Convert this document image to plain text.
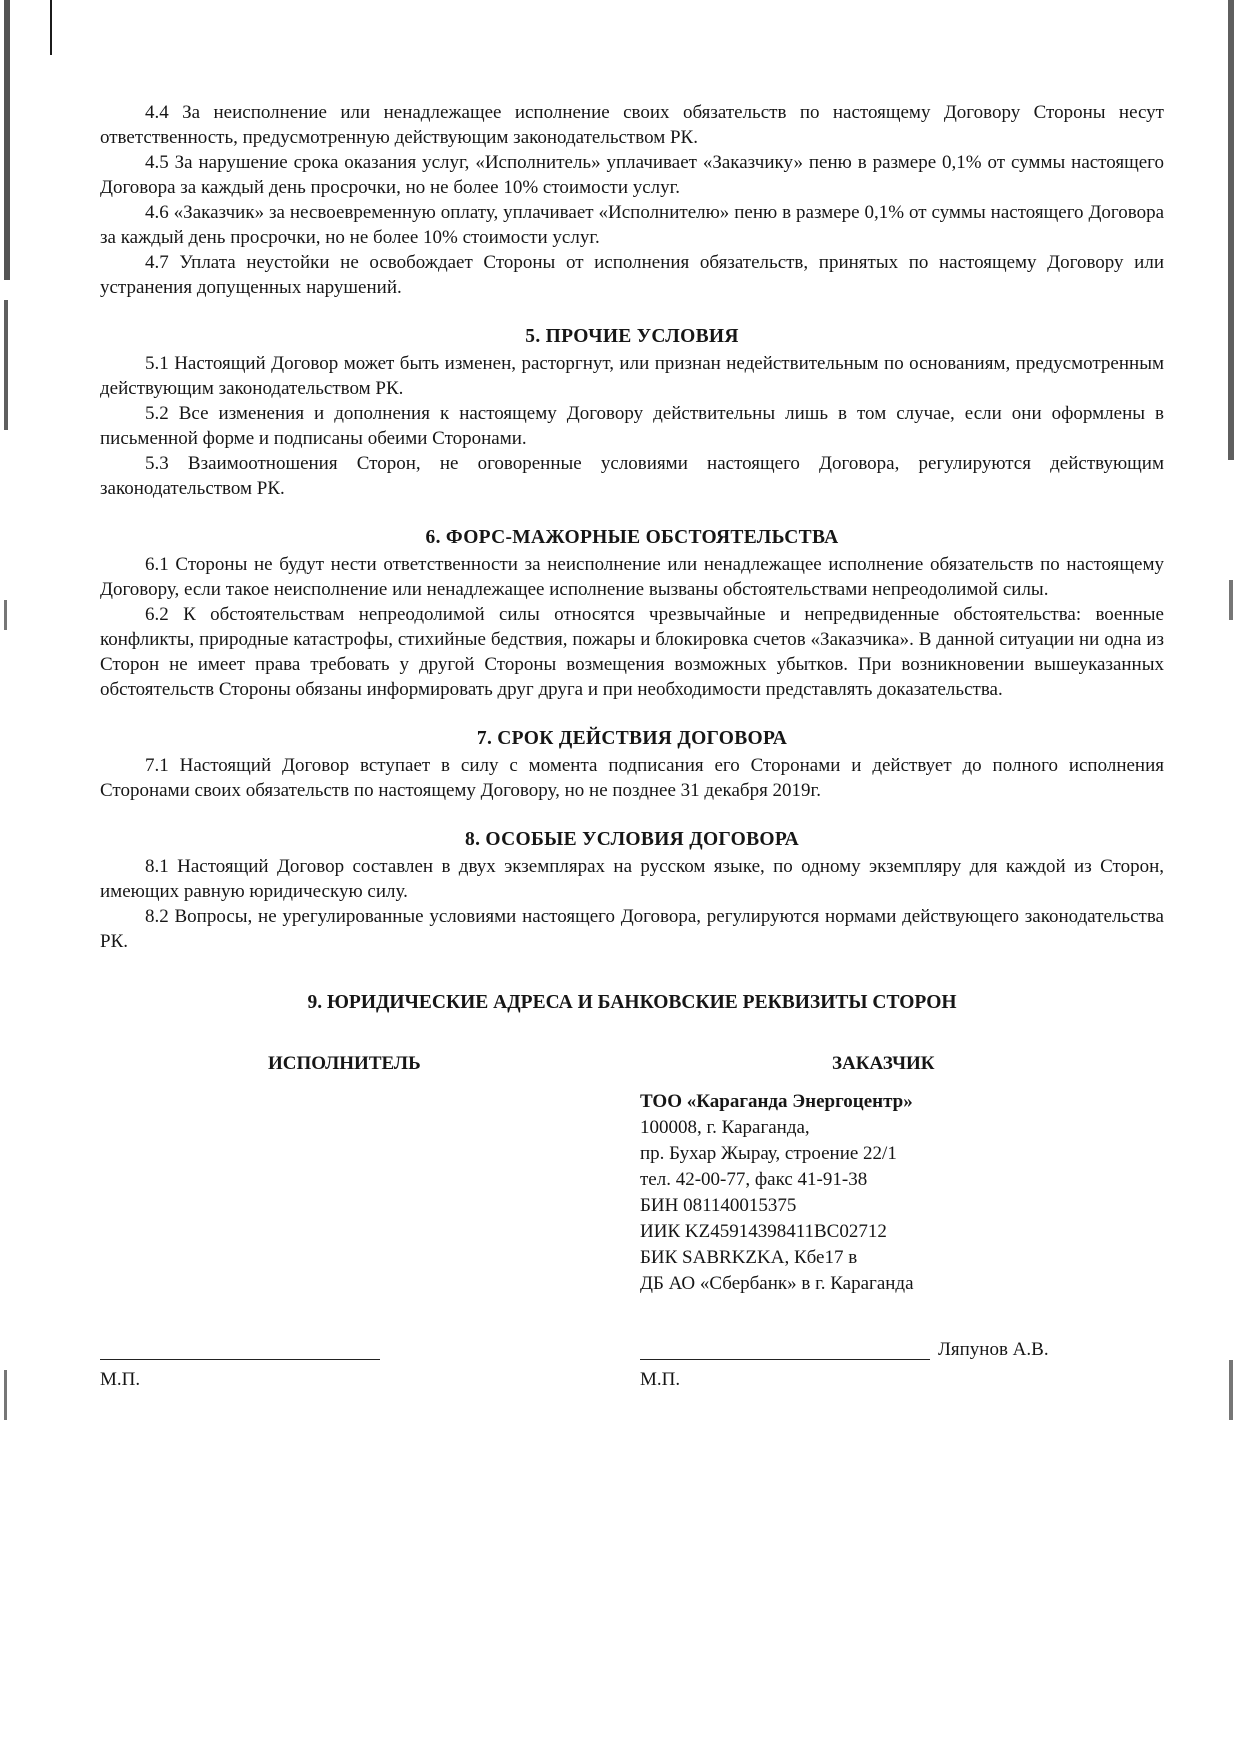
4.4 За неисполнение или ненадлежащее исполнение своих обязательств по настоящему Договору Стороны несут ответственность, предусмотренную действующим законодательством РК.

4.5 За нарушение срока оказания услуг, «Исполнитель» уплачивает «Заказчику» пеню в размере 0,1% от суммы настоящего Договора за каждый день просрочки, но не более 10% стоимости услуг.

4.6 «Заказчик» за несвоевременную оплату, уплачивает «Исполнителю» пеню в размере 0,1% от суммы настоящего Договора за каждый день просрочки, но не более 10% стоимости услуг.

4.7 Уплата неустойки не освобождает Стороны от исполнения обязательств, принятых по настоящему Договору или устранения допущенных нарушений.

5. ПРОЧИЕ УСЛОВИЯ

5.1 Настоящий Договор может быть изменен, расторгнут, или признан недействительным по основаниям, предусмотренным действующим законодательством РК.

5.2 Все изменения и дополнения к настоящему Договору действительны лишь в том случае, если они оформлены в письменной форме и подписаны обеими Сторонами.

5.3 Взаимоотношения Сторон, не оговоренные условиями настоящего Договора, регулируются действующим законодательством РК.

6. ФОРС-МАЖОРНЫЕ ОБСТОЯТЕЛЬСТВА

6.1 Стороны не будут нести ответственности за неисполнение или ненадлежащее исполнение обязательств по настоящему Договору, если такое неисполнение или ненадлежащее исполнение вызваны обстоятельствами непреодолимой силы.

6.2 К обстоятельствам непреодолимой силы относятся чрезвычайные и непредвиденные обстоятельства: военные конфликты, природные катастрофы, стихийные бедствия, пожары и блокировка счетов «Заказчика». В данной ситуации ни одна из Сторон не имеет права требовать у другой Стороны возмещения возможных убытков. При возникновении вышеуказанных обстоятельств Стороны обязаны информировать друг друга и при необходимости представлять доказательства.

7. СРОК ДЕЙСТВИЯ ДОГОВОРА

7.1 Настоящий Договор вступает в силу с момента подписания его Сторонами и действует до полного исполнения Сторонами своих обязательств по настоящему Договору, но не позднее 31 декабря 2019г.

8. ОСОБЫЕ УСЛОВИЯ ДОГОВОРА

8.1 Настоящий Договор составлен в двух экземплярах на русском языке, по одному экземпляру для каждой из Сторон, имеющих равную юридическую силу.

8.2 Вопросы, не урегулированные условиями настоящего Договора, регулируются нормами действующего законодательства РК.

9. ЮРИДИЧЕСКИЕ АДРЕСА И БАНКОВСКИЕ РЕКВИЗИТЫ СТОРОН
ИСПОЛНИТЕЛЬ	ЗАКАЗЧИК
ТОО «Караганда Энергоцентр»
100008, г. Караганда,
пр. Бухар Жырау, строение 22/1
тел. 42-00-77, факс 41-91-38
БИН 081140015375
ИИК KZ45914398411BC02712
БИК SABRKZKA, Кбе17 в
ДБ АО «Сбербанк» в г. Караганда
Ляпунов А.В.
М.П.	М.П.
